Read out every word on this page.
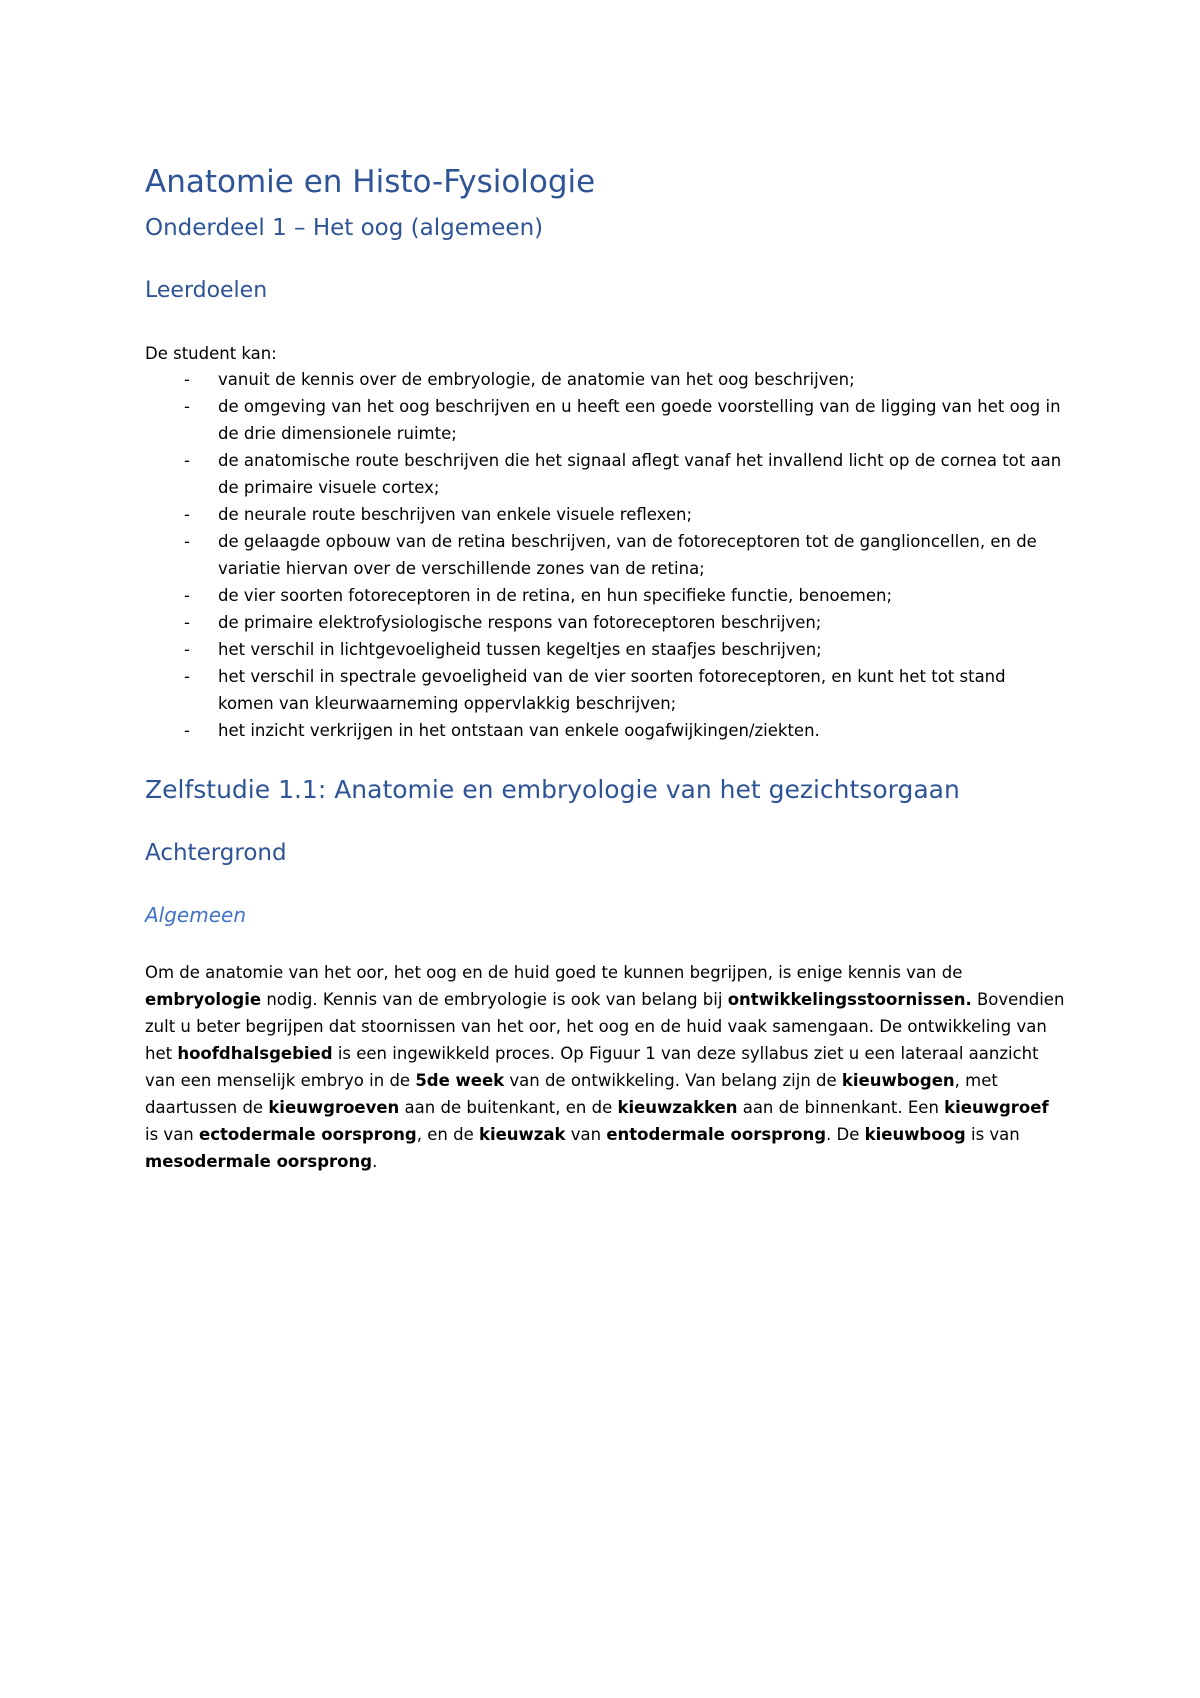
Anatomie en Histo-Fysiologie
Onderdeel 1 – Het oog (algemeen)
Leerdoelen

De student kan:

- vanuit de kennis over de embryologie, de anatomie van het oog beschrijven;
- de omgeving van het oog beschrijven en u heeft een goede voorstelling van de ligging van het oog in de drie dimensionele ruimte;
- de anatomische route beschrijven die het signaal aflegt vanaf het invallend licht op de cornea tot aan de primaire visuele cortex;
- de neurale route beschrijven van enkele visuele reflexen;
- de gelaagde opbouw van de retina beschrijven, van de fotoreceptoren tot de ganglioncellen, en de variatie hiervan over de verschillende zones van de retina;
- de vier soorten fotoreceptoren in de retina, en hun specifieke functie, benoemen;
- de primaire elektrofysiologische respons van fotoreceptoren beschrijven;
- het verschil in lichtgevoeligheid tussen kegeltjes en staafjes beschrijven;
- het verschil in spectrale gevoeligheid van de vier soorten fotoreceptoren, en kunt het tot stand komen van kleurwaarneming oppervlakkig beschrijven;
- het inzicht verkrijgen in het ontstaan van enkele oogafwijkingen/ziekten.
Zelfstudie 1.1: Anatomie en embryologie van het gezichtsorgaan
Achtergrond
Algemeen

Om de anatomie van het oor, het oog en de huid goed te kunnen begrijpen, is enige kennis van de embryologie nodig. Kennis van de embryologie is ook van belang bij ontwikkelingsstoornissen. Bovendien zult u beter begrijpen dat stoornissen van het oor, het oog en de huid vaak samengaan. De ontwikkeling van het hoofdhalsgebied is een ingewikkeld proces. Op Figuur 1 van deze syllabus ziet u een lateraal aanzicht van een menselijk embryo in de 5de week van de ontwikkeling. Van belang zijn de kieuwbogen, met daartussen de kieuwgroeven aan de buitenkant, en de kieuwzakken aan de binnenkant. Een kieuwgroef is van ectodermale oorsprong, en de kieuwzak van entodermale oorsprong. De kieuwboog is van mesodermale oorsprong.
